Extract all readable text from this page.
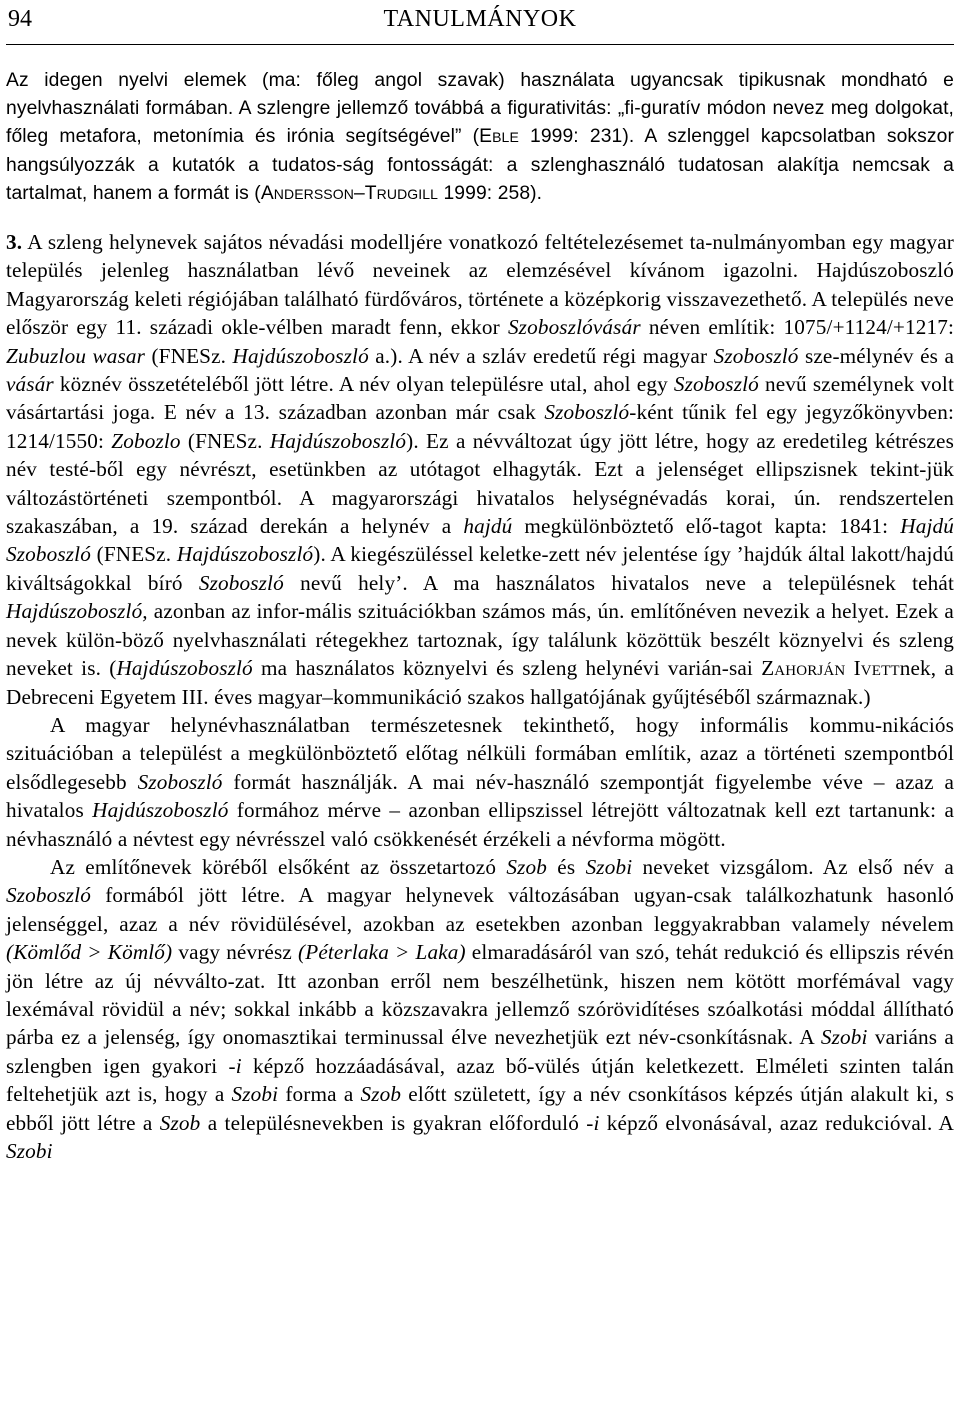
94	TANULMÁNYOK

Az idegen nyelvi elemek (ma: főleg angol szavak) használata ugyancsak tipikusnak mondható e nyelvhasználati formában. A szlengre jellemző továbbá a figurativitás: „fi-guratív módon nevez meg dolgokat, főleg metafora, metonímia és irónia segítségével” (Eble 1999: 231). A szlenggel kapcsolatban sokszor hangsúlyozzák a kutatók a tudatos-ság fontosságát: a szlenghasználó tudatosan alakítja nemcsak a tartalmat, hanem a formát is (Andersson–Trudgill 1999: 258).

3. A szleng helynevek sajátos névadási modelljére vonatkozó feltételezésemet ta-nulmányomban egy magyar település jelenleg használatban lévő neveinek az elemzésével kívánom igazolni. Hajdúszoboszló Magyarország keleti régiójában található fürdőváros, története a középkorig visszavezethető. A település neve először egy 11. századi okle-vélben maradt fenn, ekkor Szoboszlóvásár néven említik: 1075/+1124/+1217: Zubuzlou wasar (FNESz. Hajdúszoboszló a.). A név a szláv eredetű régi magyar Szoboszló sze-mélynév és a vásár köznév összetételéből jött létre. A név olyan településre utal, ahol egy Szoboszló nevű személynek volt vásártartási joga. E név a 13. században azonban már csak Szoboszló-ként tűnik fel egy jegyzőkönyvben: 1214/1550: Zobozlo (FNESz. Hajdúszoboszló). Ez a névváltozat úgy jött létre, hogy az eredetileg kétrészes név testé-ből egy névrészt, esetünkben az utótagot elhagyták. Ezt a jelenséget ellipszisnek tekint-jük változástörténeti szempontból. A magyarországi hivatalos helységnévadás korai, ún. rendszertelen szakaszában, a 19. század derekán a helynév a hajdú megkülönböztető elő-tagot kapta: 1841: Hajdú Szoboszló (FNESz. Hajdúszoboszló). A kiegészüléssel keletke-zett név jelentése így ’hajdúk által lakott/hajdú kiváltságokkal bíró Szoboszló nevű hely’. A ma használatos hivatalos neve a településnek tehát Hajdúszoboszló, azonban az infor-mális szituációkban számos más, ún. említőnéven nevezik a helyet. Ezek a nevek külön-böző nyelvhasználati rétegekhez tartoznak, így találunk közöttük beszélt köznyelvi és szleng neveket is. (Hajdúszoboszló ma használatos köznyelvi és szleng helynévi varián-sai Zahorján Ivettnek, a Debreceni Egyetem III. éves magyar–kommunikáció szakos hallgatójának gyűjtéséből származnak.)

A magyar helynévhasználatban természetesnek tekinthető, hogy informális kommu-nikációs szituációban a települést a megkülönböztető előtag nélküli formában említik, azaz a történeti szempontból elsődlegesebb Szoboszló formát használják. A mai név-használó szempontját figyelembe véve – azaz a hivatalos Hajdúszoboszló formához mérve – azonban ellipszissel létrejött változatnak kell ezt tartanunk: a névhasználó a névtest egy névrésszel való csökkenését érzékeli a névforma mögött.

Az említőnevek köréből elsőként az összetartozó Szob és Szobi neveket vizsgálom. Az első név a Szoboszló formából jött létre. A magyar helynevek változásában ugyan-csak találkozhatunk hasonló jelenséggel, azaz a név rövidülésével, azokban az esetekben azonban leggyakrabban valamely névelem (Kömlőd > Kömlő) vagy névrész (Péterlaka > Laka) elmaradásáról van szó, tehát redukció és ellipszis révén jön létre az új névválto-zat. Itt azonban erről nem beszélhetünk, hiszen nem kötött morfémával vagy lexémával rövidül a név; sokkal inkább a közszavakra jellemző szórövidítéses szóalkotási móddal állítható párba ez a jelenség, így onomasztikai terminussal élve nevezhetjük ezt név-csonkításnak. A Szobi variáns a szlengben igen gyakori -i képző hozzáadásával, azaz bő-vülés útján keletkezett. Elméleti szinten talán feltehetjük azt is, hogy a Szobi forma a Szob előtt született, így a név csonkításos képzés útján alakult ki, s ebből jött létre a Szob a településnevekben is gyakran előforduló -i képző elvonásával, azaz redukcióval. A Szobi
